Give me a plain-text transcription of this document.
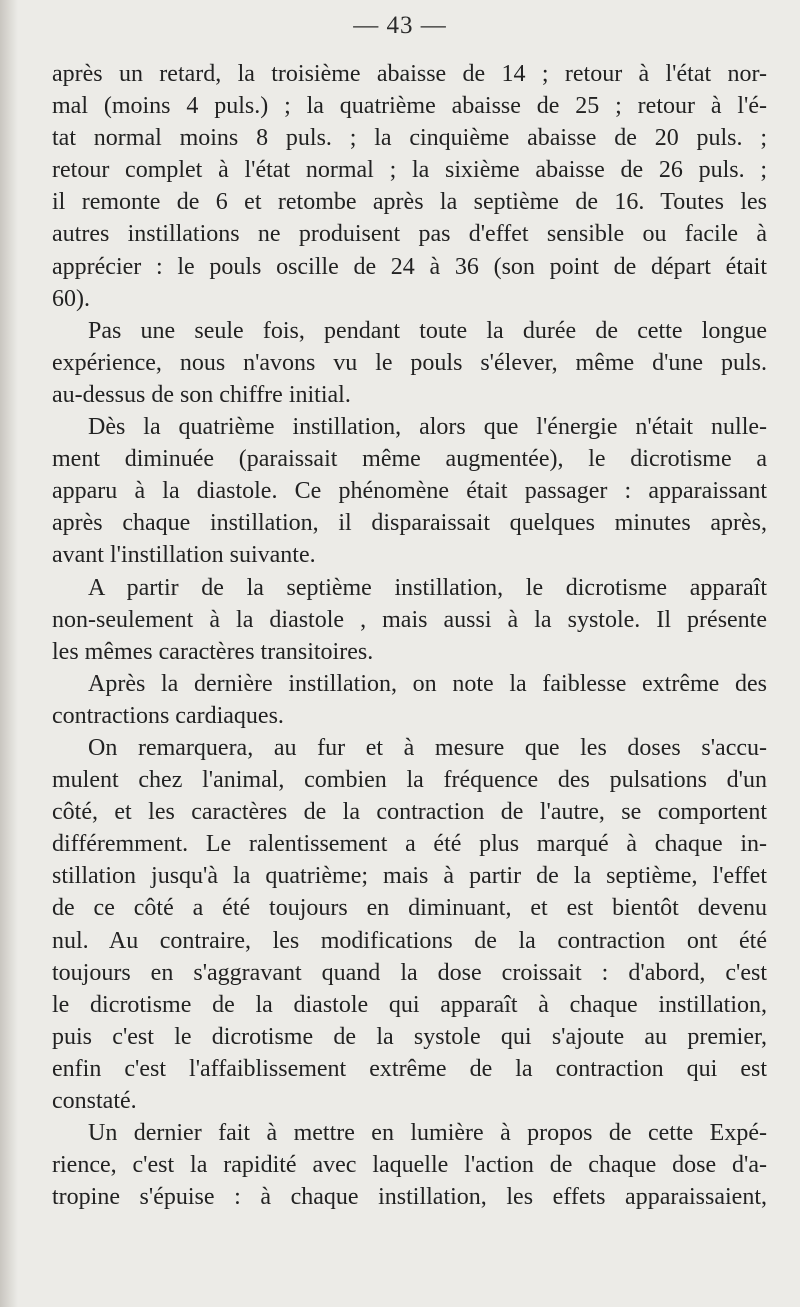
— 43 —
après un retard, la troisième abaisse de 14 ; retour à l'état nor-
mal (moins 4 puls.) ; la quatrième abaisse de 25 ; retour à l'é-
tat normal moins 8 puls. ; la cinquième abaisse de 20 puls. ;
retour complet à l'état normal ; la sixième abaisse de 26 puls. ;
il remonte de 6 et retombe après la septième de 16. Toutes les
autres instillations ne produisent pas d'effet sensible ou facile à
apprécier : le pouls oscille de 24 à 36 (son point de départ était
60).
Pas une seule fois, pendant toute la durée de cette longue
expérience, nous n'avons vu le pouls s'élever, même d'une puls.
au-dessus de son chiffre initial.
Dès la quatrième instillation, alors que l'énergie n'était nulle-
ment diminuée (paraissait même augmentée), le dicrotisme a
apparu à la diastole. Ce phénomène était passager : apparaissant
après chaque instillation, il disparaissait quelques minutes après,
avant l'instillation suivante.
A partir de la septième instillation, le dicrotisme apparaît
non-seulement à la diastole , mais aussi à la systole. Il présente
les mêmes caractères transitoires.
Après la dernière instillation, on note la faiblesse extrême des
contractions cardiaques.
On remarquera, au fur et à mesure que les doses s'accu-
mulent chez l'animal, combien la fréquence des pulsations d'un
côté, et les caractères de la contraction de l'autre, se comportent
différemment. Le ralentissement a été plus marqué à chaque in-
stillation jusqu'à la quatrième; mais à partir de la septième, l'effet
de ce côté a été toujours en diminuant, et est bientôt devenu
nul. Au contraire, les modifications de la contraction ont été
toujours en s'aggravant quand la dose croissait : d'abord, c'est
le dicrotisme de la diastole qui apparaît à chaque instillation,
puis c'est le dicrotisme de la systole qui s'ajoute au premier,
enfin c'est l'affaiblissement extrême de la contraction qui est
constaté.
Un dernier fait à mettre en lumière à propos de cette Expé-
rience, c'est la rapidité avec laquelle l'action de chaque dose d'a-
tropine s'épuise : à chaque instillation, les effets apparaissaient,
